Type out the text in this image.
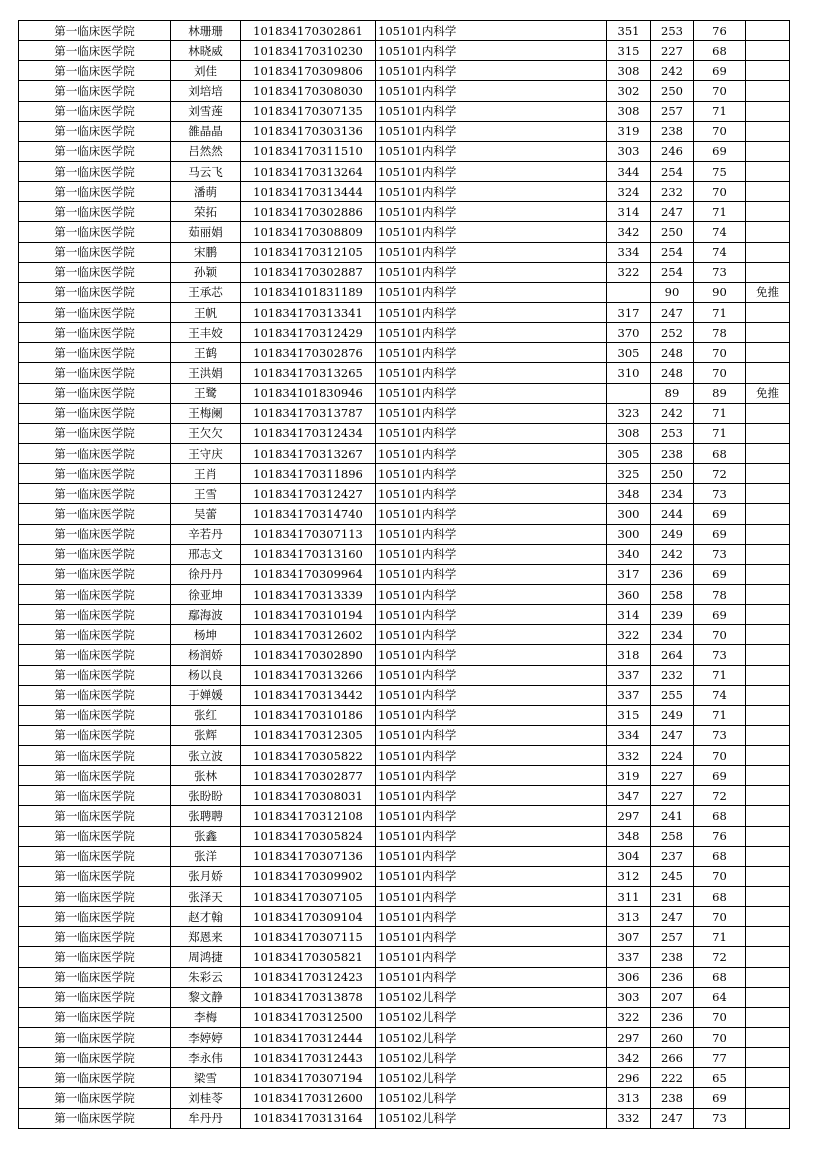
第一临床医学院	林珊珊	101834170302861	105101内科学	351	253	76	
第一临床医学院	林晓威	101834170310230	105101内科学	315	227	68	
第一临床医学院	刘佳	101834170309806	105101内科学	308	242	69	
第一临床医学院	刘培培	101834170308030	105101内科学	302	250	70	
第一临床医学院	刘雪莲	101834170307135	105101内科学	308	257	71	
第一临床医学院	雒晶晶	101834170303136	105101内科学	319	238	70	
第一临床医学院	吕然然	101834170311510	105101内科学	303	246	69	
第一临床医学院	马云飞	101834170313264	105101内科学	344	254	75	
第一临床医学院	潘萌	101834170313444	105101内科学	324	232	70	
第一临床医学院	荣拓	101834170302886	105101内科学	314	247	71	
第一临床医学院	茹丽娟	101834170308809	105101内科学	342	250	74	
第一临床医学院	宋鹏	101834170312105	105101内科学	334	254	74	
第一临床医学院	孙颖	101834170302887	105101内科学	322	254	73	
第一临床医学院	王承芯	101834101831189	105101内科学		90	90	免推
第一临床医学院	王帆	101834170313341	105101内科学	317	247	71	
第一临床医学院	王丰姣	101834170312429	105101内科学	370	252	78	
第一临床医学院	王鹤	101834170302876	105101内科学	305	248	70	
第一临床医学院	王洪娟	101834170313265	105101内科学	310	248	70	
第一临床医学院	王鹭	101834101830946	105101内科学		89	89	免推
第一临床医学院	王梅阑	101834170313787	105101内科学	323	242	71	
第一临床医学院	王欠欠	101834170312434	105101内科学	308	253	71	
第一临床医学院	王守庆	101834170313267	105101内科学	305	238	68	
第一临床医学院	王肖	101834170311896	105101内科学	325	250	72	
第一临床医学院	王雪	101834170312427	105101内科学	348	234	73	
第一临床医学院	吴蕾	101834170314740	105101内科学	300	244	69	
第一临床医学院	辛若丹	101834170307113	105101内科学	300	249	69	
第一临床医学院	邢志文	101834170313160	105101内科学	340	242	73	
第一临床医学院	徐丹丹	101834170309964	105101内科学	317	236	69	
第一临床医学院	徐亚坤	101834170313339	105101内科学	360	258	78	
第一临床医学院	鄢海波	101834170310194	105101内科学	314	239	69	
第一临床医学院	杨坤	101834170312602	105101内科学	322	234	70	
第一临床医学院	杨润娇	101834170302890	105101内科学	318	264	73	
第一临床医学院	杨以良	101834170313266	105101内科学	337	232	71	
第一临床医学院	于婵媛	101834170313442	105101内科学	337	255	74	
第一临床医学院	张红	101834170310186	105101内科学	315	249	71	
第一临床医学院	张辉	101834170312305	105101内科学	334	247	73	
第一临床医学院	张立波	101834170305822	105101内科学	332	224	70	
第一临床医学院	张林	101834170302877	105101内科学	319	227	69	
第一临床医学院	张盼盼	101834170308031	105101内科学	347	227	72	
第一临床医学院	张聘聘	101834170312108	105101内科学	297	241	68	
第一临床医学院	张鑫	101834170305824	105101内科学	348	258	76	
第一临床医学院	张洋	101834170307136	105101内科学	304	237	68	
第一临床医学院	张月娇	101834170309902	105101内科学	312	245	70	
第一临床医学院	张泽天	101834170307105	105101内科学	311	231	68	
第一临床医学院	赵才翰	101834170309104	105101内科学	313	247	70	
第一临床医学院	郑恩来	101834170307115	105101内科学	307	257	71	
第一临床医学院	周鸿捷	101834170305821	105101内科学	337	238	72	
第一临床医学院	朱彩云	101834170312423	105101内科学	306	236	68	
第一临床医学院	黎文静	101834170313878	105102儿科学	303	207	64	
第一临床医学院	李梅	101834170312500	105102儿科学	322	236	70	
第一临床医学院	李婷婷	101834170312444	105102儿科学	297	260	70	
第一临床医学院	李永伟	101834170312443	105102儿科学	342	266	77	
第一临床医学院	梁雪	101834170307194	105102儿科学	296	222	65	
第一临床医学院	刘桂苓	101834170312600	105102儿科学	313	238	69	
第一临床医学院	牟丹丹	101834170313164	105102儿科学	332	247	73	
